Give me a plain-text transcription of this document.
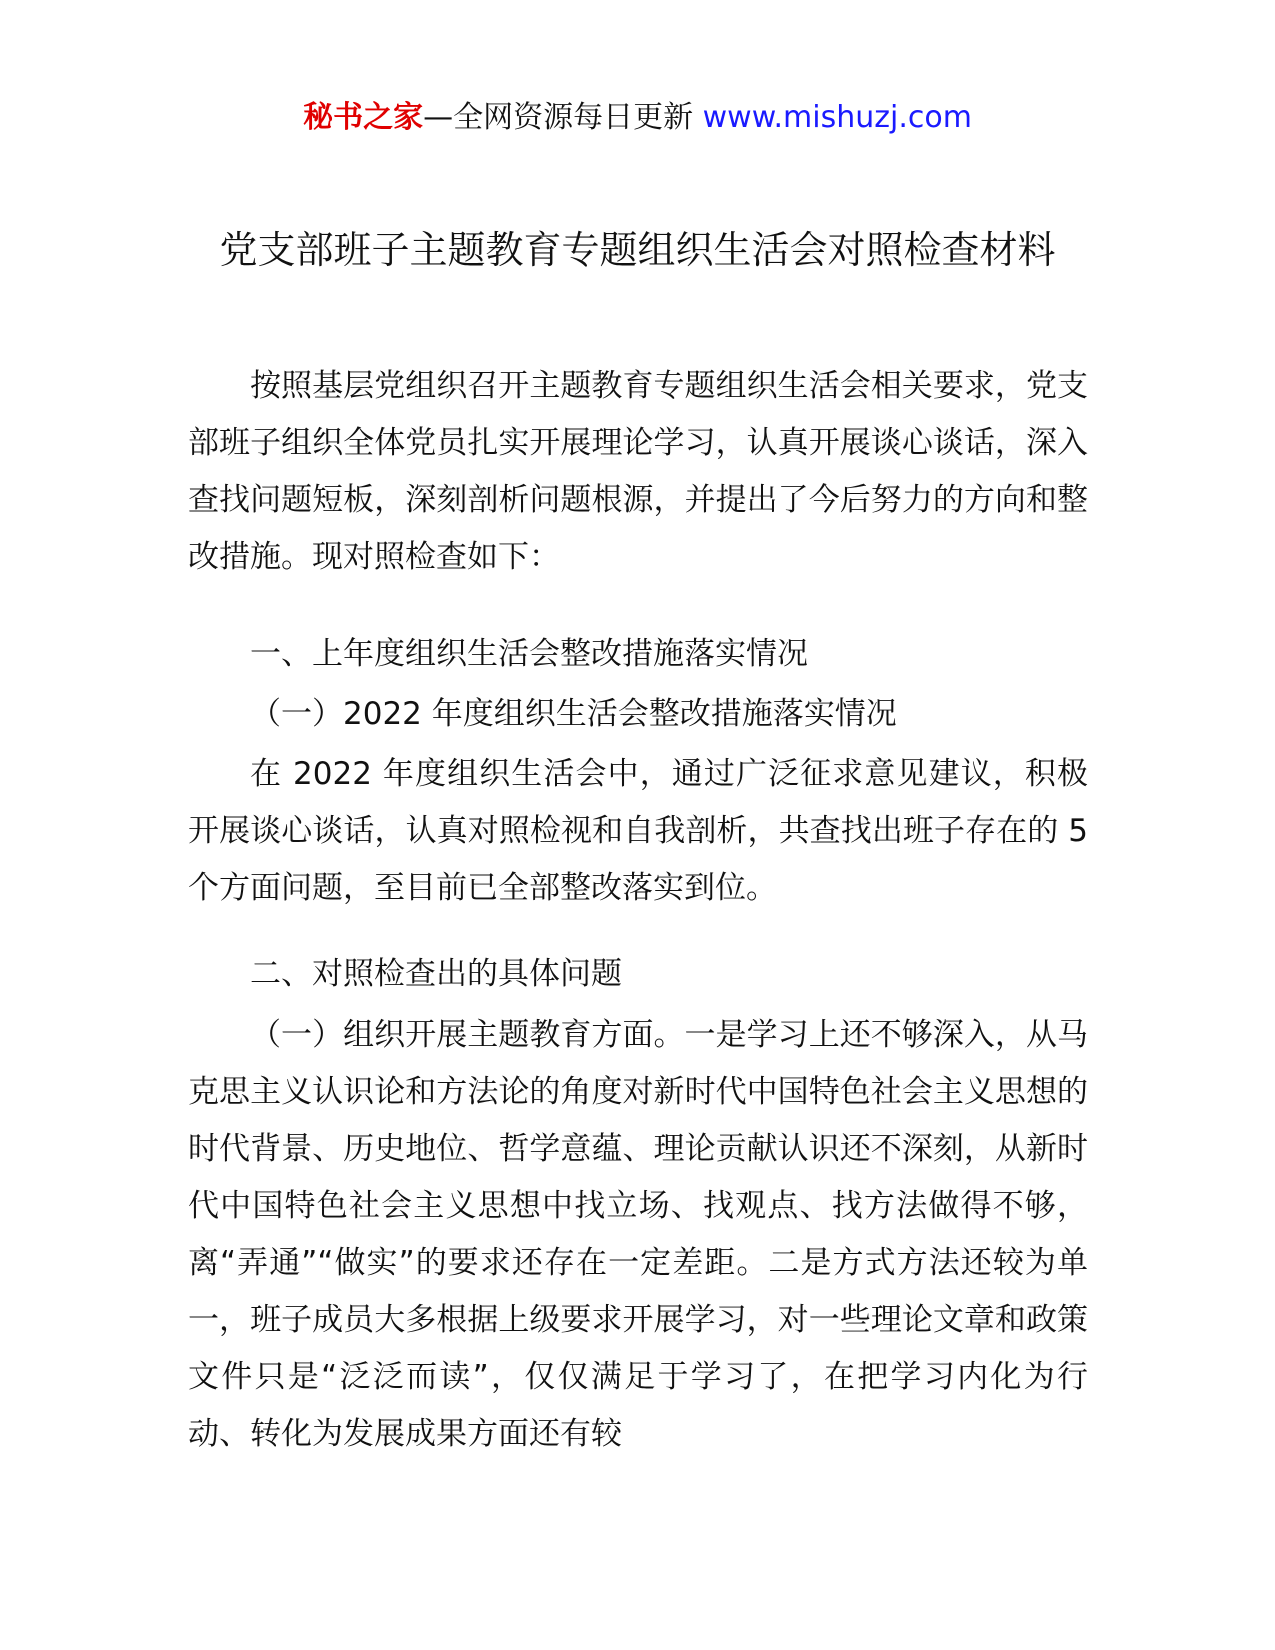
秘书之家—全网资源每日更新 www.mishuzj.com
党支部班子主题教育专题组织生活会对照检查材料

按照基层党组织召开主题教育专题组织生活会相关要求，党支部班子组织全体党员扎实开展理论学习，认真开展谈心谈话，深入查找问题短板，深刻剖析问题根源，并提出了今后努力的方向和整改措施。现对照检查如下：

一、上年度组织生活会整改措施落实情况

（一）2022 年度组织生活会整改措施落实情况

在 2022 年度组织生活会中，通过广泛征求意见建议，积极开展谈心谈话，认真对照检视和自我剖析，共查找出班子存在的 5 个方面问题，至目前已全部整改落实到位。

二、对照检查出的具体问题

（一）组织开展主题教育方面。一是学习上还不够深入，从马克思主义认识论和方法论的角度对新时代中国特色社会主义思想的时代背景、历史地位、哲学意蕴、理论贡献认识还不深刻，从新时代中国特色社会主义思想中找立场、找观点、找方法做得不够，离“弄通”“做实”的要求还存在一定差距。二是方式方法还较为单一，班子成员大多根据上级要求开展学习，对一些理论文章和政策文件只是“泛泛而读”，仅仅满足于学习了，在把学习内化为行动、转化为发展成果方面还有较
